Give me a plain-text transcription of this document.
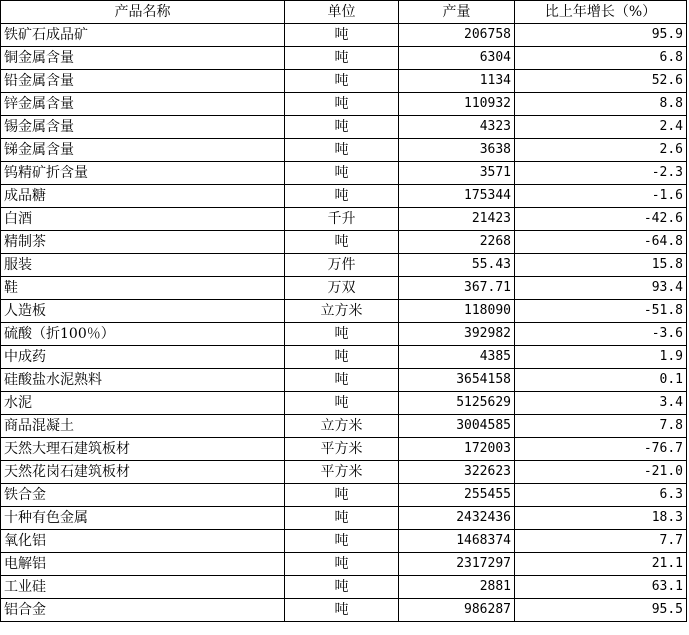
产品名称	单位	产量	比上年增长（%）
铁矿石成品矿	吨	206758	95.9
铜金属含量	吨	6304	6.8
铅金属含量	吨	1134	52.6
锌金属含量	吨	110932	8.8
锡金属含量	吨	4323	2.4
锑金属含量	吨	3638	2.6
钨精矿折含量	吨	3571	-2.3
成品糖	吨	175344	-1.6
白酒	千升	21423	-42.6
精制茶	吨	2268	-64.8
服装	万件	55.43	15.8
鞋	万双	367.71	93.4
人造板	立方米	118090	-51.8
硫酸（折100％）	吨	392982	-3.6
中成药	吨	4385	1.9
硅酸盐水泥熟料	吨	3654158	0.1
水泥	吨	5125629	3.4
商品混凝土	立方米	3004585	7.8
天然大理石建筑板材	平方米	172003	-76.7
天然花岗石建筑板材	平方米	322623	-21.0
铁合金	吨	255455	6.3
十种有色金属	吨	2432436	18.3
氧化铝	吨	1468374	7.7
电解铝	吨	2317297	21.1
工业硅	吨	2881	63.1
铝合金	吨	986287	95.5
